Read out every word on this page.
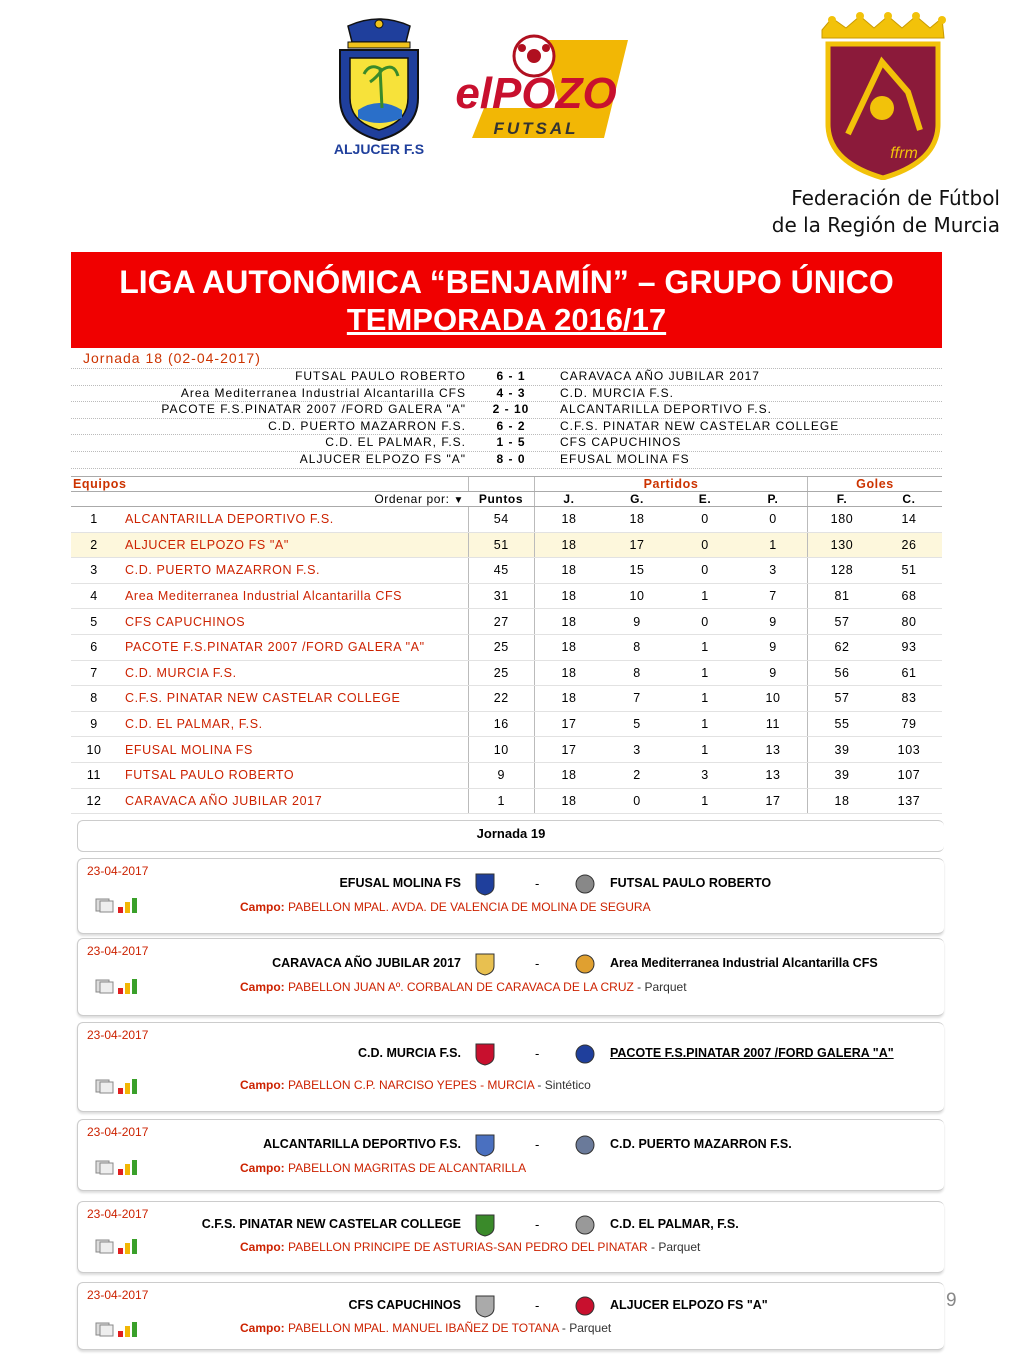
ALJUCER F.S
elPOZO
FUTSAL
ffrm
Federación de Fútbol
de la Región de Murcia
LIGA AUTONÓMICA “BENJAMÍN” – GRUPO ÚNICO
TEMPORADA 2016/17
Jornada 18 (02-04-2017)
FUTSAL PAULO ROBERTO	6 - 1	CARAVACA AÑO JUBILAR 2017
Area Mediterranea Industrial Alcantarilla CFS	4 - 3	C.D. MURCIA F.S.
PACOTE F.S.PINATAR 2007 /FORD GALERA "A"	2 - 10	ALCANTARILLA DEPORTIVO F.S.
C.D. PUERTO MAZARRON F.S.	6 - 2	C.F.S. PINATAR NEW CASTELAR COLLEGE
C.D. EL PALMAR, F.S.	1 - 5	CFS CAPUCHINOS
ALJUCER ELPOZO FS "A"	8 - 0	EFUSAL MOLINA FS
Equipos			Partidos				Goles	
Ordenar por: ▼		Puntos	J.	G.	E.	P.	F.	C.
1	ALCANTARILLA DEPORTIVO F.S.	54	18	18	0	0	180	14
2	ALJUCER ELPOZO FS "A"	51	18	17	0	1	130	26
3	C.D. PUERTO MAZARRON F.S.	45	18	15	0	3	128	51
4	Area Mediterranea Industrial Alcantarilla CFS	31	18	10	1	7	81	68
5	CFS CAPUCHINOS	27	18	9	0	9	57	80
6	PACOTE F.S.PINATAR 2007 /FORD GALERA "A"	25	18	8	1	9	62	93
7	C.D. MURCIA F.S.	25	18	8	1	9	56	61
8	C.F.S. PINATAR NEW CASTELAR COLLEGE	22	18	7	1	10	57	83
9	C.D. EL PALMAR, F.S.	16	17	5	1	11	55	79
10	EFUSAL MOLINA FS	10	17	3	1	13	39	103
11	FUTSAL PAULO ROBERTO	9	18	2	3	13	39	107
12	CARAVACA AÑO JUBILAR 2017	1	18	0	1	17	18	137
Jornada 19
23-04-2017
EFUSAL MOLINA FS	-	FUTSAL PAULO ROBERTO
Campo: PABELLON MPAL. AVDA. DE VALENCIA DE MOLINA DE SEGURA
23-04-2017
CARAVACA AÑO JUBILAR 2017	-	Area Mediterranea Industrial Alcantarilla CFS
Campo: PABELLON JUAN Aº. CORBALAN DE CARAVACA DE LA CRUZ - Parquet
23-04-2017
C.D. MURCIA F.S.	-	PACOTE F.S.PINATAR 2007 /FORD GALERA "A"
Campo: PABELLON C.P. NARCISO YEPES - MURCIA - Sintético
23-04-2017
ALCANTARILLA DEPORTIVO F.S.	-	C.D. PUERTO MAZARRON F.S.
Campo: PABELLON MAGRITAS DE ALCANTARILLA
23-04-2017
C.F.S. PINATAR NEW CASTELAR COLLEGE	-	C.D. EL PALMAR, F.S.
Campo: PABELLON PRINCIPE DE ASTURIAS-SAN PEDRO DEL PINATAR - Parquet
23-04-2017
CFS CAPUCHINOS	-	ALJUCER ELPOZO FS "A"
Campo: PABELLON MPAL. MANUEL IBAÑEZ DE TOTANA - Parquet
9
